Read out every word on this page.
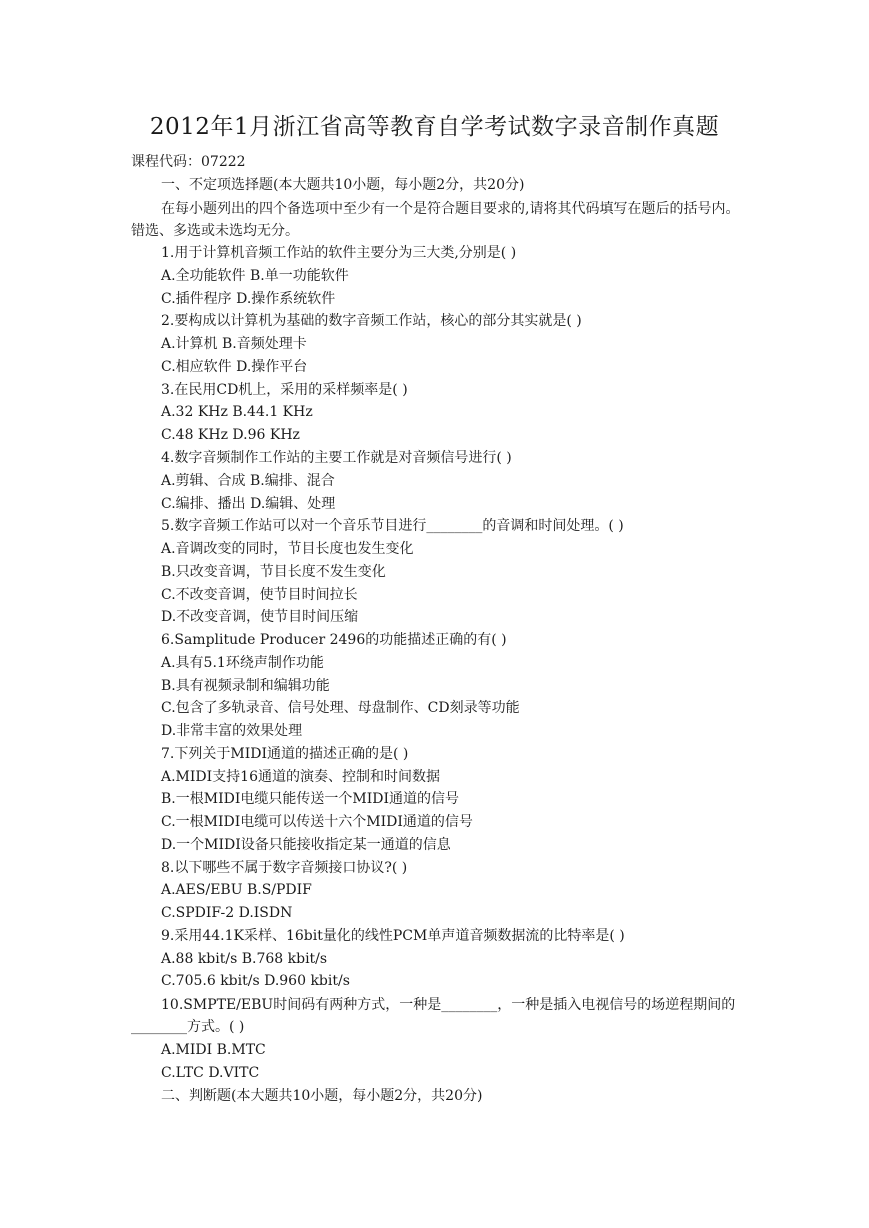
2012年1月浙江省高等教育自学考试数字录音制作真题
课程代码：07222
一、不定项选择题(本大题共10小题，每小题2分，共20分)
在每小题列出的四个备选项中至少有一个是符合题目要求的,请将其代码填写在题后的括号内。错选、多选或未选均无分。
1.用于计算机音频工作站的软件主要分为三大类,分别是( )
A.全功能软件 B.单一功能软件
C.插件程序 D.操作系统软件
2.要构成以计算机为基础的数字音频工作站，核心的部分其实就是( )
A.计算机 B.音频处理卡
C.相应软件 D.操作平台
3.在民用CD机上，采用的采样频率是( )
A.32 KHz B.44.1 KHz
C.48 KHz D.96 KHz
4.数字音频制作工作站的主要工作就是对音频信号进行( )
A.剪辑、合成 B.编排、混合
C.编排、播出 D.编辑、处理
5.数字音频工作站可以对一个音乐节目进行________的音调和时间处理。( )
A.音调改变的同时，节目长度也发生变化
B.只改变音调，节目长度不发生变化
C.不改变音调，使节目时间拉长
D.不改变音调，使节目时间压缩
6.Samplitude Producer 2496的功能描述正确的有( )
A.具有5.1环绕声制作功能
B.具有视频录制和编辑功能
C.包含了多轨录音、信号处理、母盘制作、CD刻录等功能
D.非常丰富的效果处理
7.下列关于MIDI通道的描述正确的是( )
A.MIDI支持16通道的演奏、控制和时间数据
B.一根MIDI电缆只能传送一个MIDI通道的信号
C.一根MIDI电缆可以传送十六个MIDI通道的信号
D.一个MIDI设备只能接收指定某一通道的信息
8.以下哪些不属于数字音频接口协议?( )
A.AES/EBU B.S/PDIF
C.SPDIF-2 D.ISDN
9.采用44.1K采样、16bit量化的线性PCM单声道音频数据流的比特率是( )
A.88 kbit/s B.768 kbit/s
C.705.6 kbit/s D.960 kbit/s
10.SMPTE/EBU时间码有两种方式，一种是________，一种是插入电视信号的场逆程期间的________方式。( )
A.MIDI B.MTC
C.LTC D.VITC
二、判断题(本大题共10小题，每小题2分，共20分)
